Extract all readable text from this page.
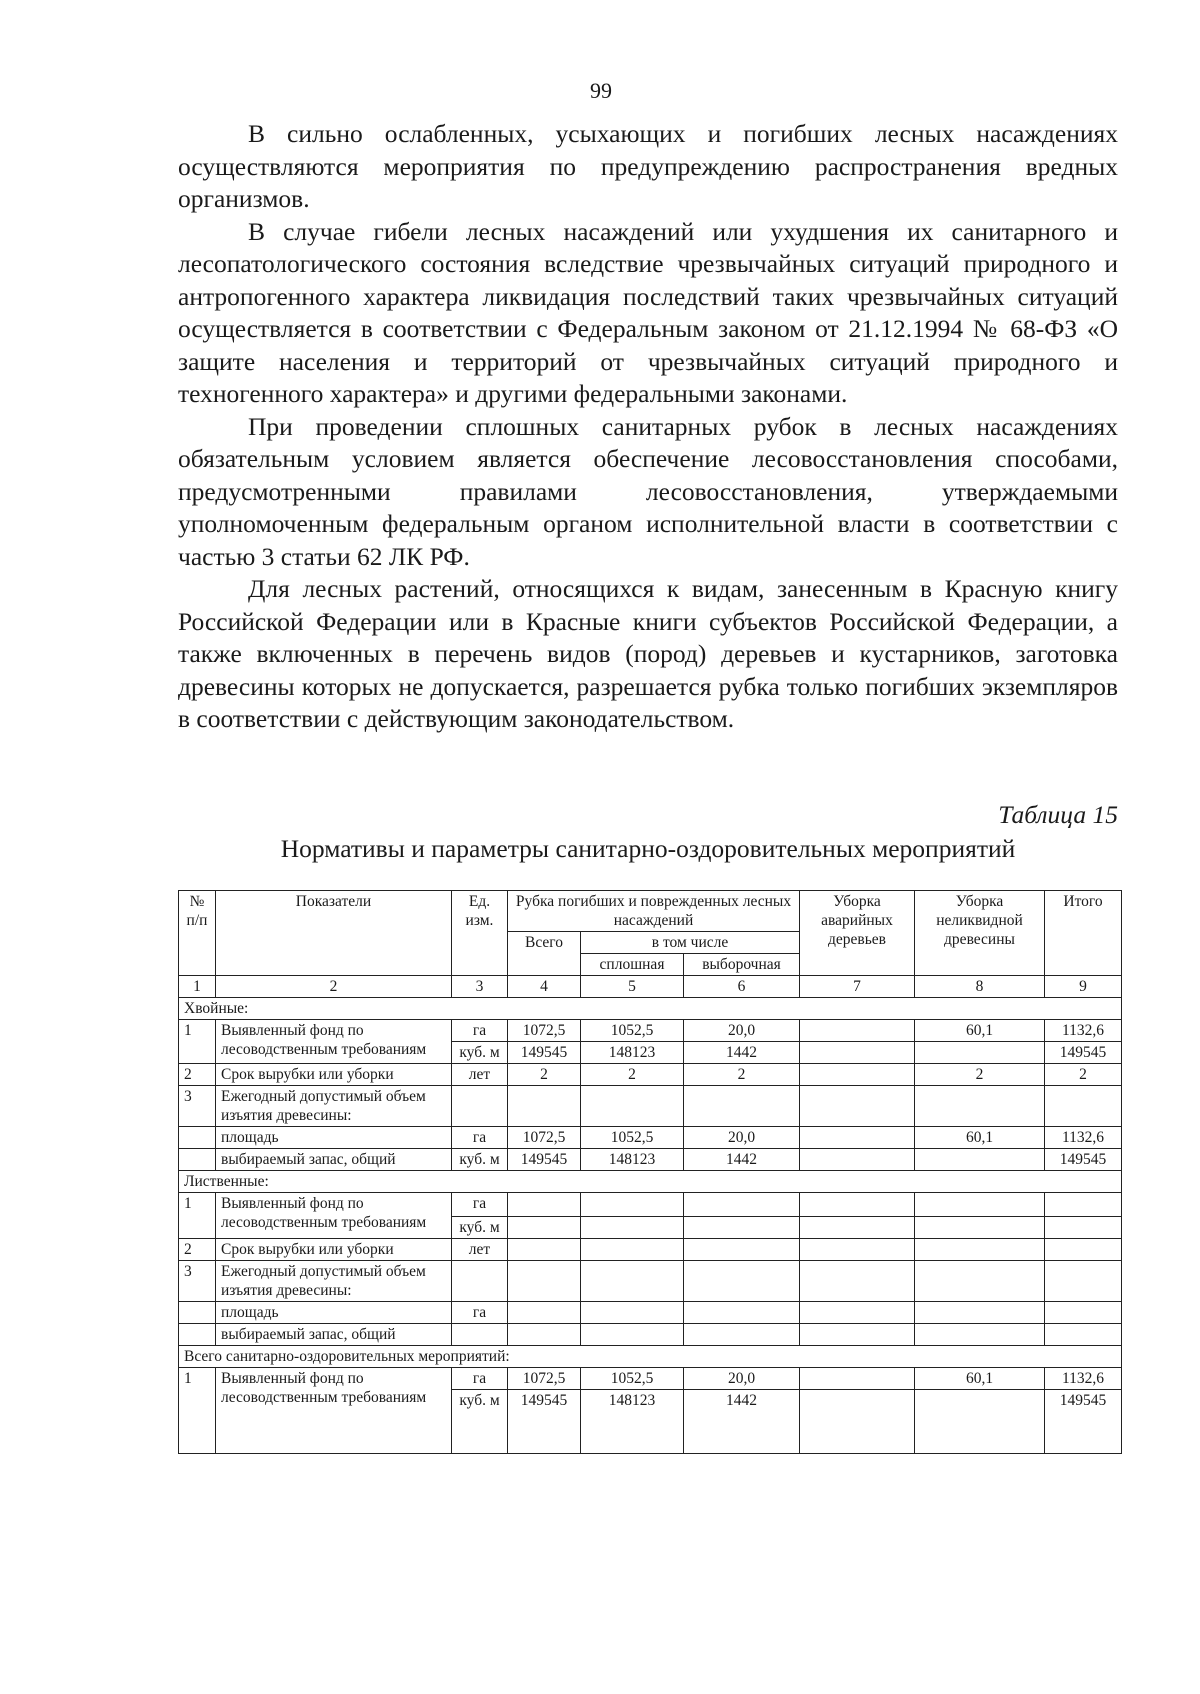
99

В сильно ослабленных, усыхающих и погибших лесных насаждениях осуществляются мероприятия по предупреждению распространения вредных организмов.

В случае гибели лесных насаждений или ухудшения их санитарного и лесопатологического состояния вследствие чрезвычайных ситуаций природного и антропогенного характера ликвидация последствий таких чрезвычайных ситуаций осуществляется в соответствии с Федеральным законом от 21.12.1994 № 68-ФЗ «О защите населения и территорий от чрезвычайных ситуаций природного и техногенного характера» и другими федеральными законами.

При проведении сплошных санитарных рубок в лесных насаждениях обязательным условием является обеспечение лесовосстановления способами, предусмотренными правилами лесовосстановления, утверждаемыми уполномоченным федеральным органом исполнительной власти в соответствии с частью 3 статьи 62 ЛК РФ.

Для лесных растений, относящихся к видам, занесенным в Красную книгу Российской Федерации или в Красные книги субъектов Российской Федерации, а также включенных в перечень видов (пород) деревьев и кустарников, заготовка древесины которых не допускается, разрешается рубка только погибших экземпляров в соответствии с действующим законодательством.

Таблица 15
Нормативы и параметры санитарно-оздоровительных мероприятий
№ п/п	Показатели	Ед. изм.	Рубка погибших и поврежденных лесных насаждений			Уборка аварийных деревьев	Уборка неликвидной древесины	Итого
			Всего	в том числе				
				сплошная	выборочная			
1	2	3	4	5	6	7	8	9
Хвойные:								
1	Выявленный фонд по лесоводственным требованиям	га	1072,5	1052,5	20,0		60,1	1132,6
		куб. м	149545	148123	1442			149545
2	Срок вырубки или уборки	лет	2	2	2		2	2
3	Ежегодный допустимый объем изъятия древесины:							
	площадь	га	1072,5	1052,5	20,0		60,1	1132,6
	выбираемый запас, общий	куб. м	149545	148123	1442			149545
Лиственные:								
1	Выявленный фонд по лесоводственным требованиям	га						
		куб. м						
2	Срок вырубки или уборки	лет						
3	Ежегодный допустимый объем изъятия древесины:							
	площадь	га						
	выбираемый запас, общий							
Всего санитарно-оздоровительных мероприятий:								
1	Выявленный фонд по лесоводственным требованиям	га	1072,5	1052,5	20,0		60,1	1132,6
		куб. м	149545	148123	1442			149545
